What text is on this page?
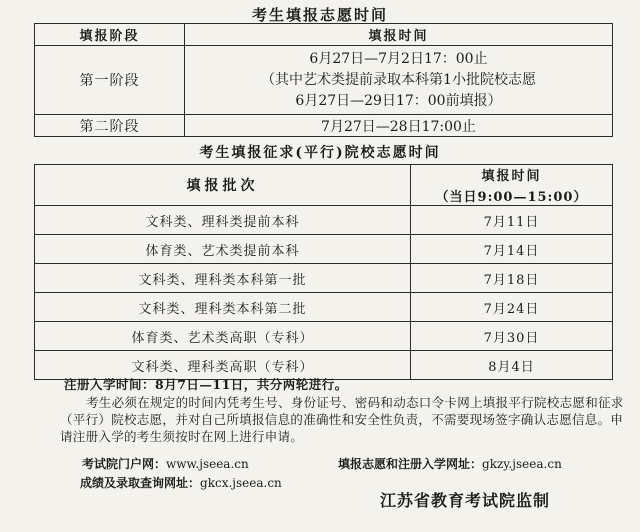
考生填报志愿时间
填报阶段	填报时间
第一阶段	6月27日—7月2日17：00止
（其中艺术类提前录取本科第1小批院校志愿
6月27日—29日17：00前填报）

第二阶段	7月27日—28日17:00止
考生填报征求(平行)院校志愿时间
填报批次	填报时间
（当日9:00—15:00）

文科类、理科类提前本科	7月11日
体育类、艺术类提前本科	7月14日
文科类、理科类本科第一批	7月18日
文科类、理科类本科第二批	7月24日
体育类、艺术类高职（专科）	7月30日
文科类、理科类高职（专科）	8月4日
注册入学时间：8月7日—11日，共分两轮进行。
考生必须在规定的时间内凭考生号、身份证号、密码和动态口令卡网上填报平行院校志愿和征求（平行）院校志愿，并对自己所填报信息的准确性和安全性负责，不需要现场签字确认志愿信息。申请注册入学的考生须按时在网上进行申请。
考试院门户网：www.jseea.cn	填报志愿和注册入学网址：gkzy.jseea.cn
成绩及录取查询网址：gkcx.jseea.cn
江苏省教育考试院监制
